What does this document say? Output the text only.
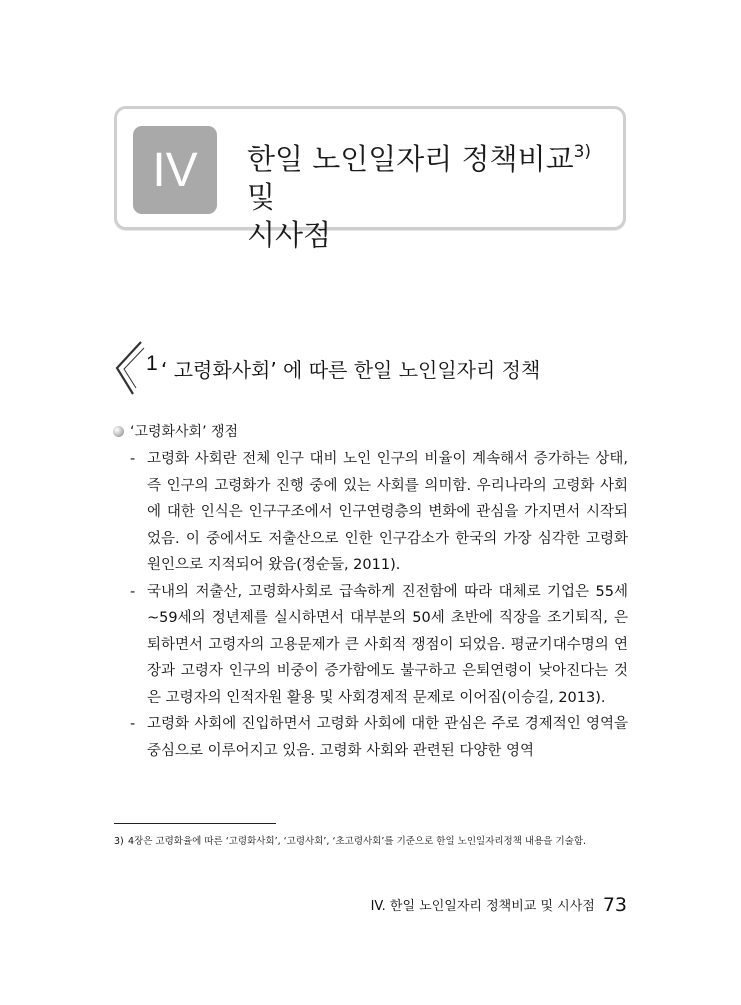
IV	한일 노인일자리 정책비교$^{3)}$및
시사점
1 ‘ 고령화사회’ 에 따른 한일 노인일자리 정책
‘고령화사회’ 쟁점
- 고령화 사회란 전체 인구 대비 노인 인구의 비율이 계속해서 증가하는 상태, 즉 인구의 고령화가 진행 중에 있는 사회를 의미함. 우리나라의 고령화 사회에 대한 인식은 인구구조에서 인구연령층의 변화에 관심을 가지면서 시작되었음. 이 중에서도 저출산으로 인한 인구감소가 한국의 가장 심각한 고령화 원인으로 지적되어 왔음(정순둘, 2011).

- 국내의 저출산, 고령화사회로 급속하게 진전함에 따라 대체로 기업은 55세~59세의 정년제를 실시하면서 대부분의 50세 초반에 직장을 조기퇴직, 은퇴하면서 고령자의 고용문제가 큰 사회적 쟁점이 되었음. 평균기대수명의 연장과 고령자 인구의 비중이 증가함에도 불구하고 은퇴연령이 낮아진다는 것은 고령자의 인적자원 활용 및 사회경제적 문제로 이어짐(이승길, 2013).

- 고령화 사회에 진입하면서 고령화 사회에 대한 관심은 주로 경제적인 영역을 중심으로 이루어지고 있음. 고령화 사회와 관련된 다양한 영역

3) 4장은 고령화율에 따른 ‘고령화사회’, ‘고령사회’, ‘초고령사회’를 기준으로 한일 노인일자리정책 내용을 기술함.

IV. 한일 노인일자리 정책비교 및 시사점 73
